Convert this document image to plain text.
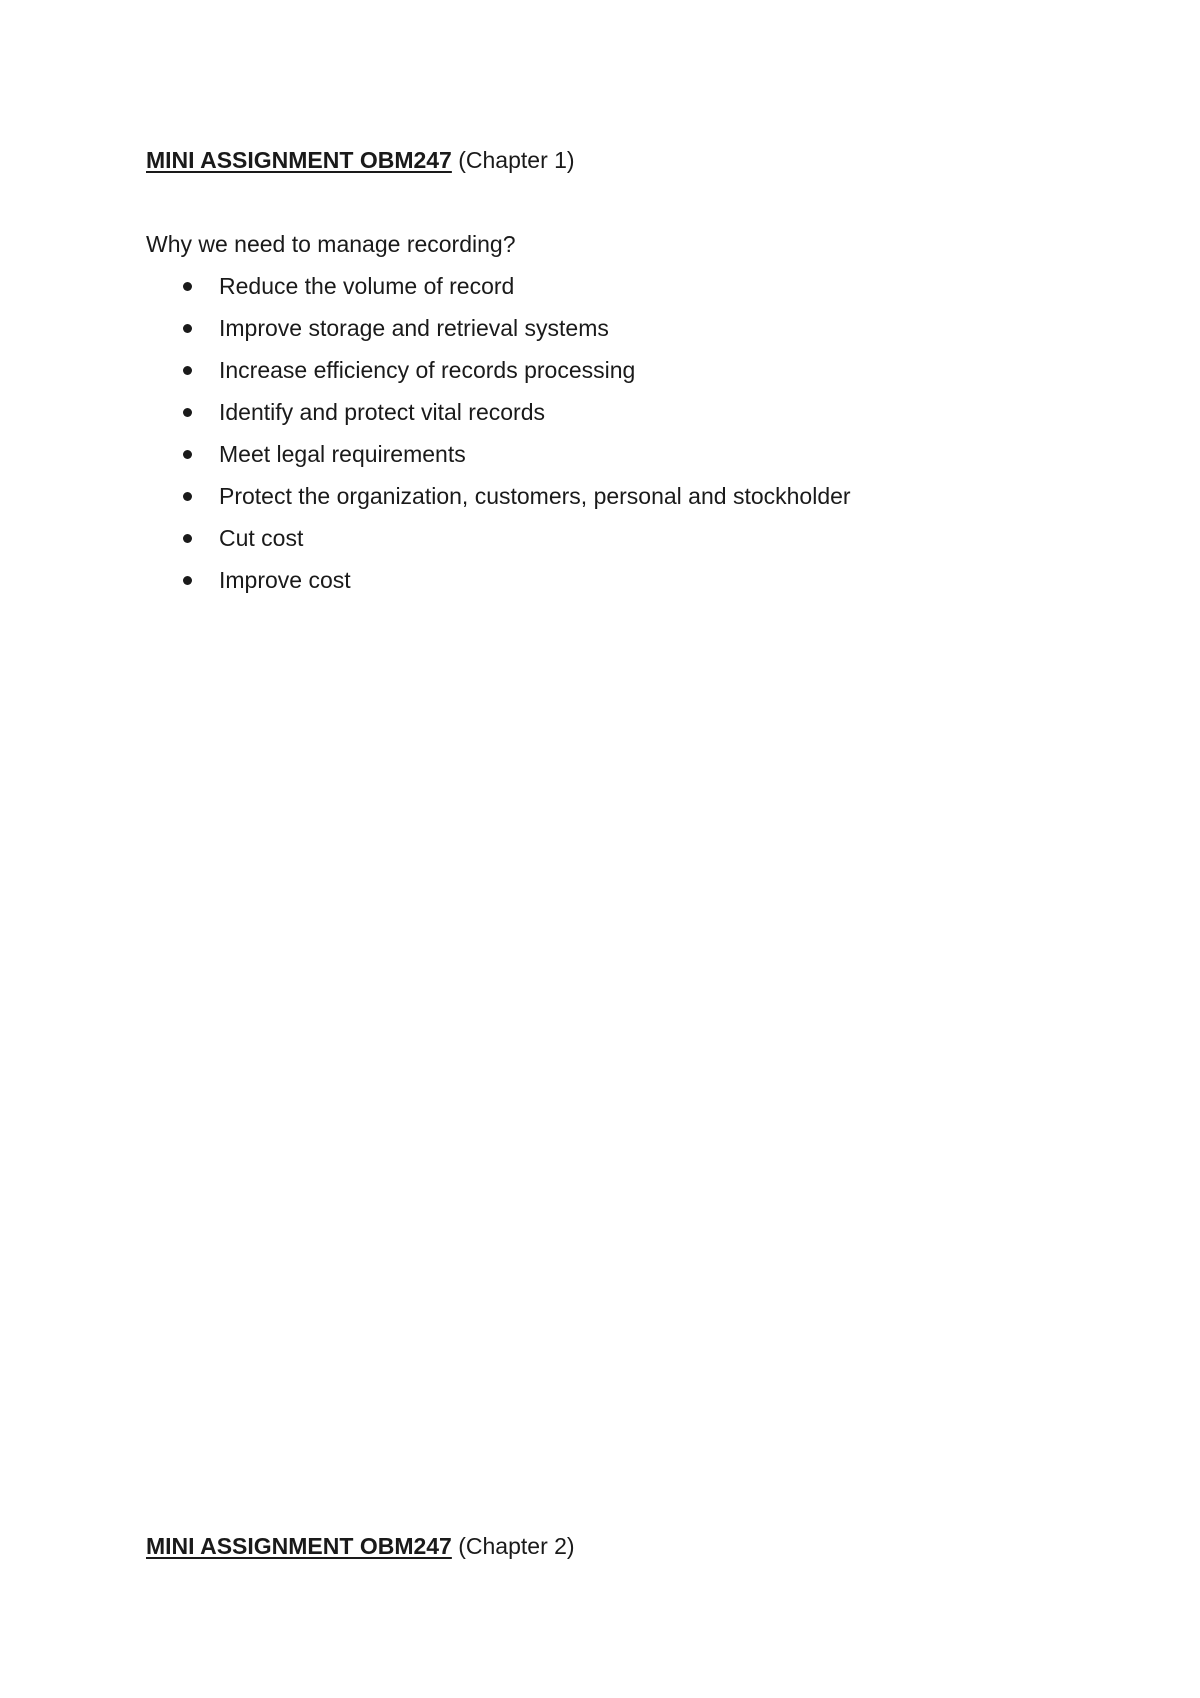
MINI ASSIGNMENT OBM247 (Chapter 1)
Why we need to manage recording?
Reduce the volume of record
Improve storage and retrieval systems
Increase efficiency of records processing
Identify and protect vital records
Meet legal requirements
Protect the organization, customers, personal and stockholder
Cut cost
Improve cost
MINI ASSIGNMENT OBM247 (Chapter 2)
